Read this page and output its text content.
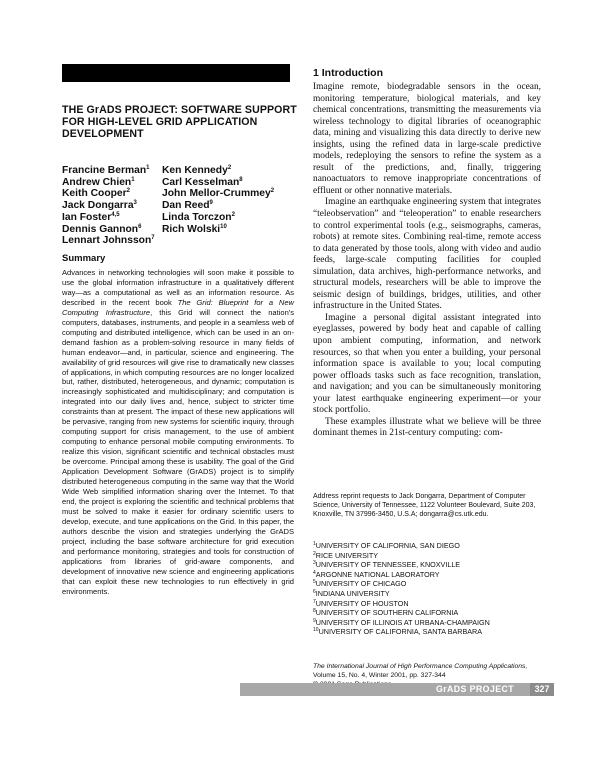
THE GrADS PROJECT: SOFTWARE SUPPORT FOR HIGH-LEVEL GRID APPLICATION DEVELOPMENT
Francine Berman$^1$
Andrew Chien$^1$
Keith Cooper$^2$
Jack Dongarra$^3$
Ian Foster$^{4,5}$
Dennis Gannon$^6$
Lennart Johnsson$^7$
Ken Kennedy$^2$
Carl Kesselman$^8$
John Mellor-Crummey$^2$
Dan Reed$^9$
Linda Torczon$^2$
Rich Wolski$^{10}$
Summary

Advances in networking technologies will soon make it possible to use the global information infrastructure in a qualitatively different way—as a computational as well as an information resource. As described in the recent book The Grid: Blueprint for a New Computing Infrastructure, this Grid will connect the nation's computers, databases, instruments, and people in a seamless web of computing and distributed intelligence, which can be used in an on-demand fashion as a problem-solving resource in many fields of human endeavor—and, in particular, science and engineering. The availability of grid resources will give rise to dramatically new classes of applications, in which computing resources are no longer localized but, rather, distributed, heterogeneous, and dynamic; computation is increasingly sophisticated and multidisciplinary; and computation is integrated into our daily lives and, hence, subject to stricter time constraints than at present. The impact of these new applications will be pervasive, ranging from new systems for scientific inquiry, through computing support for crisis management, to the use of ambient computing to enhance personal mobile computing environments. To realize this vision, significant scientific and technical obstacles must be overcome. Principal among these is usability. The goal of the Grid Application Development Software (GrADS) project is to simplify distributed heterogeneous computing in the same way that the World Wide Web simplified information sharing over the Internet. To that end, the project is exploring the scientific and technical problems that must be solved to make it easier for ordinary scientific users to develop, execute, and tune applications on the Grid. In this paper, the authors describe the vision and strategies underlying the GrADS project, including the base software architecture for grid execution and performance monitoring, strategies and tools for construction of applications from libraries of grid-aware components, and development of innovative new science and engineering applications that can exploit these new technologies to run effectively in grid environments.

1 Introduction

Imagine remote, biodegradable sensors in the ocean, monitoring temperature, biological materials, and key chemical concentrations, transmitting the measurements via wireless technology to digital libraries of oceanographic data, mining and visualizing this data directly to derive new insights, using the refined data in large-scale predictive models, redeploying the sensors to refine the system as a result of the predictions, and, finally, triggering nanoactuators to remove inappropriate concentrations of effluent or other nonnative materials.

Imagine an earthquake engineering system that integrates “teleobservation” and “teleoperation” to enable researchers to control experimental tools (e.g., seismographs, cameras, robots) at remote sites. Combining real-time, remote access to data generated by those tools, along with video and audio feeds, large-scale computing facilities for coupled simulation, data archives, high-performance networks, and structural models, researchers will be able to improve the seismic design of buildings, bridges, utilities, and other infrastructure in the United States.

Imagine a personal digital assistant integrated into eyeglasses, powered by body heat and capable of calling upon ambient computing, information, and network resources, so that when you enter a building, your personal information space is available to you; local computing power offloads tasks such as face recognition, translation, and navigation; and you can be simultaneously monitoring your latest earthquake engineering experiment—or your stock portfolio.

These examples illustrate what we believe will be three dominant themes in 21st-century computing: com-

Address reprint requests to Jack Dongarra, Department of Computer Science, University of Tennessee, 1122 Volunteer Boulevard, Suite 203, Knoxville, TN 37996-3450, U.S.A; dongarra@cs.utk.edu.

$^1$UNIVERSITY OF CALIFORNIA, SAN DIEGO
$^2$RICE UNIVERSITY
$^3$UNIVERSITY OF TENNESSEE, KNOXVILLE
$^4$ARGONNE NATIONAL LABORATORY
$^5$UNIVERSITY OF CHICAGO
$^6$INDIANA UNIVERSITY
$^7$UNIVERSITY OF HOUSTON
$^8$UNIVERSITY OF SOUTHERN CALIFORNIA
$^9$UNIVERSITY OF ILLINOIS AT URBANA-CHAMPAIGN
$^{10}$UNIVERSITY OF CALIFORNIA, SANTA BARBARA

The International Journal of High Performance Computing Applications,
Volume 15, No. 4, Winter 2001, pp. 327-344

GrADS PROJECT	327
